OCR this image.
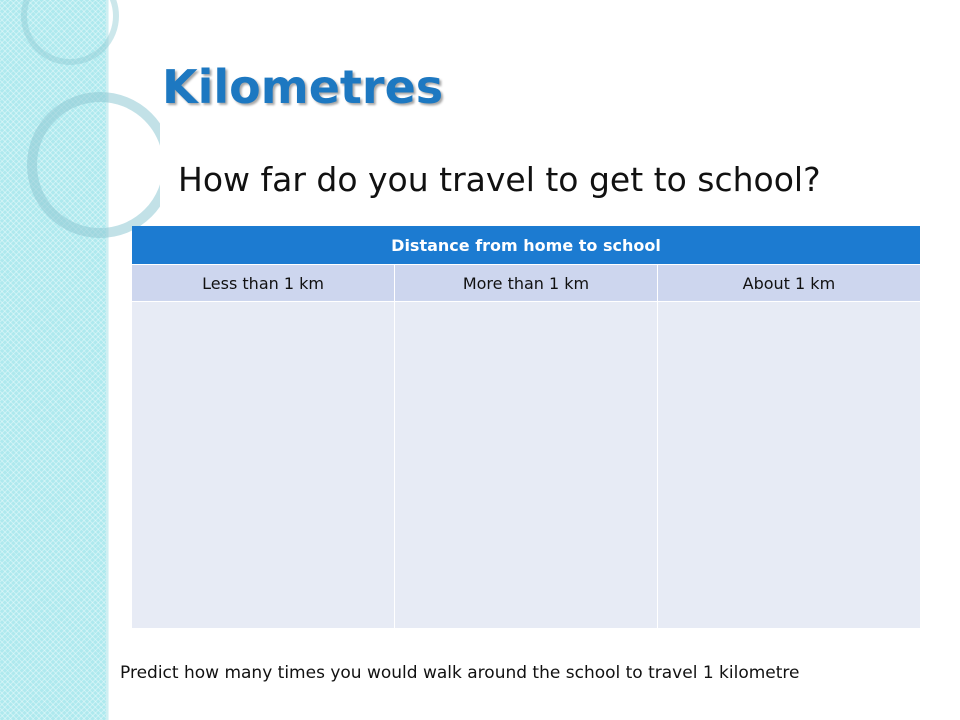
Kilometres

How far do you travel to get to school?

Distance from home to school		
Less than 1 km	More than 1 km	About 1 km

Predict how many times you would walk around the school to travel 1 kilometre
